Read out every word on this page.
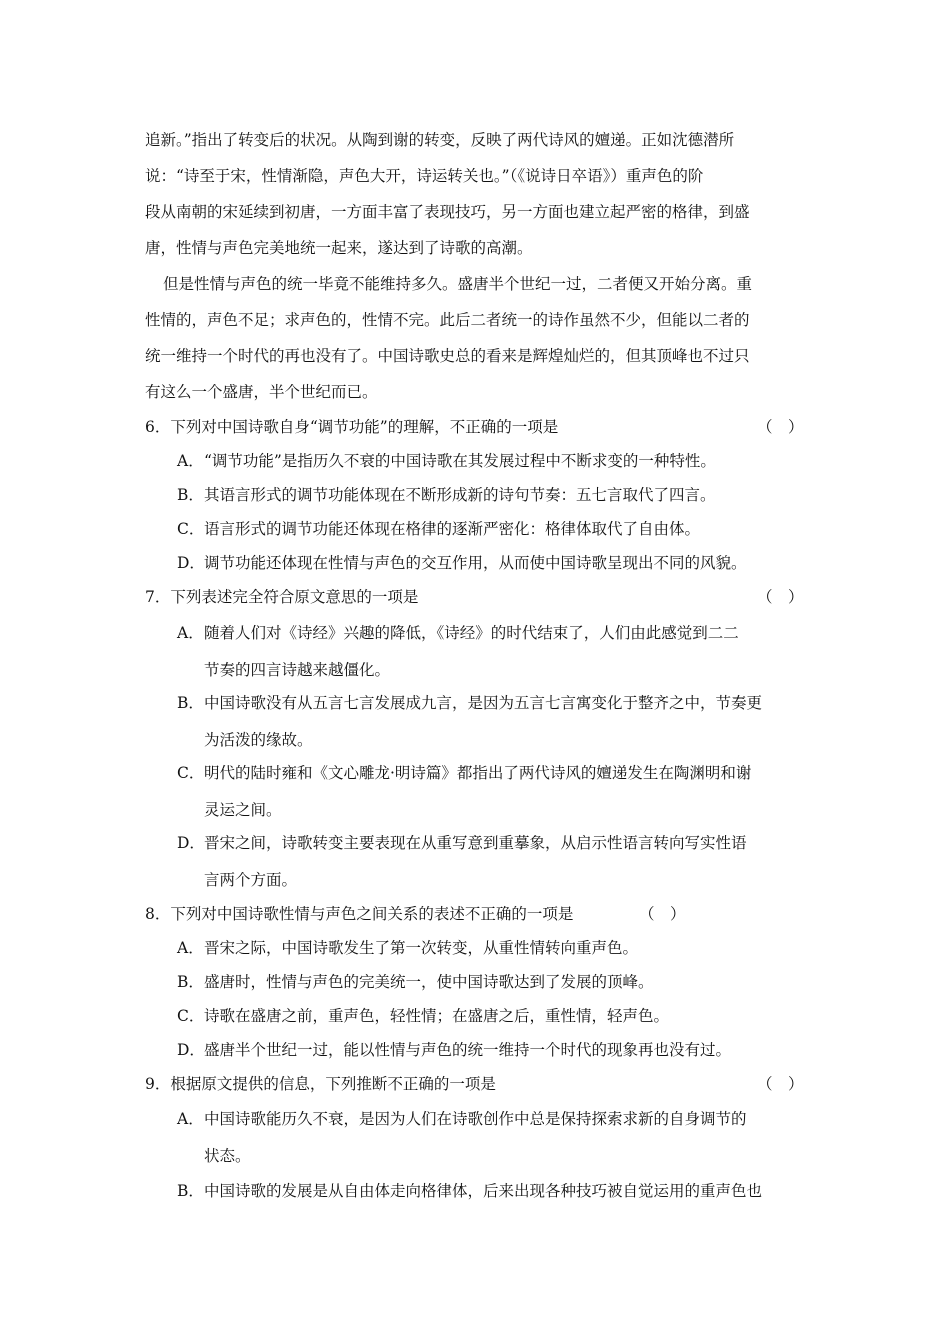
追新。”指出了转变后的状况。从陶到谢的转变，反映了两代诗风的嬗递。正如沈德潜所
说：“诗至于宋，性情渐隐，声色大开，诗运转关也。”（《说诗日卒语》）重声色的阶
段从南朝的宋延续到初唐，一方面丰富了表现技巧，另一方面也建立起严密的格律，到盛
唐，性情与声色完美地统一起来，遂达到了诗歌的高潮。

但是性情与声色的统一毕竟不能维持多久。盛唐半个世纪一过，二者便又开始分离。重
性情的，声色不足；求声色的，性情不完。此后二者统一的诗作虽然不少，但能以二者的
统一维持一个时代的再也没有了。中国诗歌史总的看来是辉煌灿烂的，但其顶峰也不过只
有这么一个盛唐，半个世纪而已。

6．下列对中国诗歌自身“调节功能”的理解，不正确的一项是	（　）
A．“调节功能”是指历久不衰的中国诗歌在其发展过程中不断求变的一种特性。
B．其语言形式的调节功能体现在不断形成新的诗句节奏：五七言取代了四言。
C．语言形式的调节功能还体现在格律的逐渐严密化：格律体取代了自由体。
D．调节功能还体现在性情与声色的交互作用，从而使中国诗歌呈现出不同的风貌。
7．下列表述完全符合原文意思的一项是	（　）
A．随着人们对《诗经》兴趣的降低，《诗经》的时代结束了，人们由此感觉到二二
节奏的四言诗越来越僵化。
B．中国诗歌没有从五言七言发展成九言，是因为五言七言寓变化于整齐之中，节奏更
为活泼的缘故。
C．明代的陆时雍和《文心雕龙·明诗篇》都指出了两代诗风的嬗递发生在陶渊明和谢
灵运之间。
D．晋宋之间，诗歌转变主要表现在从重写意到重摹象，从启示性语言转向写实性语
言两个方面。
8．下列对中国诗歌性情与声色之间关系的表述不正确的一项是	（　）
A．晋宋之际，中国诗歌发生了第一次转变，从重性情转向重声色。
B．盛唐时，性情与声色的完美统一，使中国诗歌达到了发展的顶峰。
C．诗歌在盛唐之前，重声色，轻性情；在盛唐之后，重性情，轻声色。
D．盛唐半个世纪一过，能以性情与声色的统一维持一个时代的现象再也没有过。
9．根据原文提供的信息，下列推断不正确的一项是	（　）
A．中国诗歌能历久不衰，是因为人们在诗歌创作中总是保持探索求新的自身调节的
状态。
B．中国诗歌的发展是从自由体走向格律体，后来出现各种技巧被自觉运用的重声色也
